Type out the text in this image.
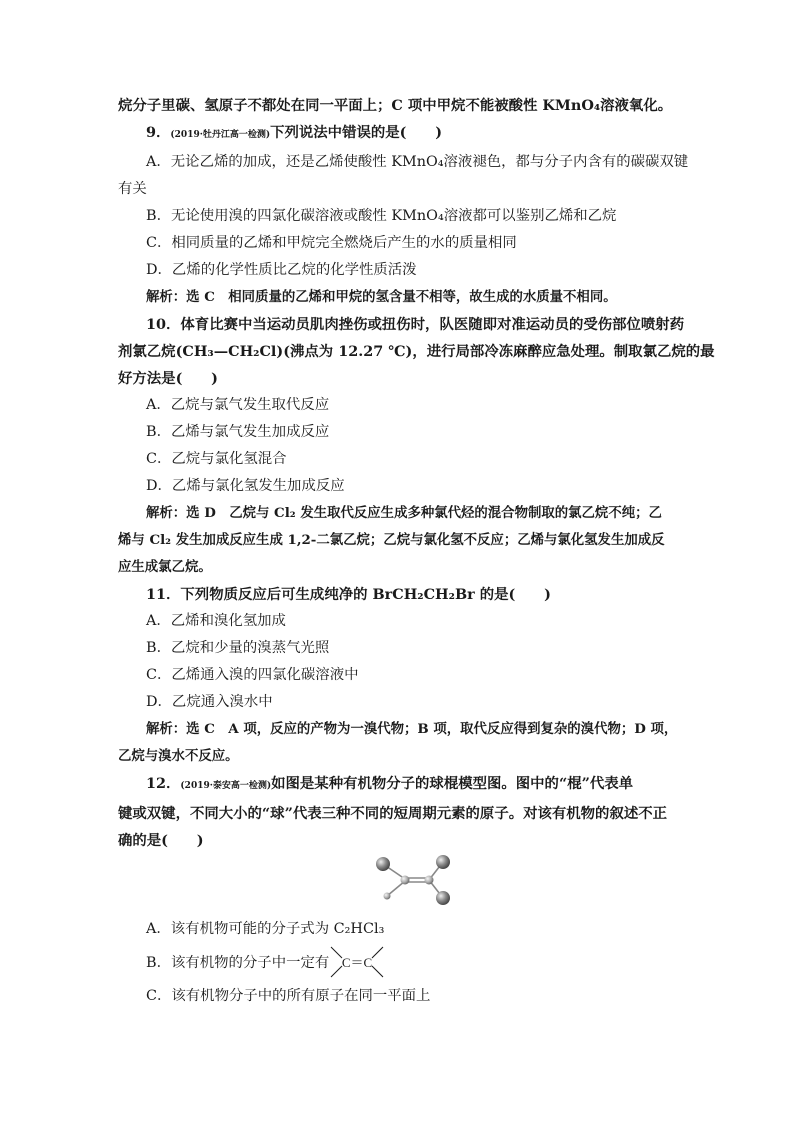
烷分子里碳、氢原子不都处在同一平面上；C 项中甲烷不能被酸性 KMnO₄溶液氧化。
9．(2019·牡丹江高一检测)下列说法中错误的是(　　)
A．无论乙烯的加成，还是乙烯使酸性 KMnO₄溶液褪色，都与分子内含有的碳碳双键
有关
B．无论使用溴的四氯化碳溶液或酸性 KMnO₄溶液都可以鉴别乙烯和乙烷
C．相同质量的乙烯和甲烷完全燃烧后产生的水的质量相同
D．乙烯的化学性质比乙烷的化学性质活泼
解析：选 C　相同质量的乙烯和甲烷的氢含量不相等，故生成的水质量不相同。
10．体育比赛中当运动员肌肉挫伤或扭伤时，队医随即对准运动员的受伤部位喷射药
剂氯乙烷(CH₃—CH₂Cl)(沸点为 12.27 ℃)，进行局部冷冻麻醉应急处理。制取氯乙烷的最
好方法是(　　)
A．乙烷与氯气发生取代反应
B．乙烯与氯气发生加成反应
C．乙烷与氯化氢混合
D．乙烯与氯化氢发生加成反应
解析：选 D　乙烷与 Cl₂ 发生取代反应生成多种氯代烃的混合物制取的氯乙烷不纯；乙
烯与 Cl₂ 发生加成反应生成 1,2-二氯乙烷；乙烷与氯化氢不反应；乙烯与氯化氢发生加成反
应生成氯乙烷。
11．下列物质反应后可生成纯净的 BrCH₂CH₂Br 的是(　　)
A．乙烯和溴化氢加成
B．乙烷和少量的溴蒸气光照
C．乙烯通入溴的四氯化碳溶液中
D．乙烷通入溴水中
解析：选 C　A 项，反应的产物为一溴代物；B 项，取代反应得到复杂的溴代物；D 项，
乙烷与溴水不反应。
12．(2019·泰安高一检测)如图是某种有机物分子的球棍模型图。图中的“棍”代表单
键或双键，不同大小的“球”代表三种不同的短周期元素的原子。对该有机物的叙述不正
确的是(　　)
A．该有机物可能的分子式为 C₂HCl₃
B．该有机物的分子中一定有 C＝C
C．该有机物分子中的所有原子在同一平面上
